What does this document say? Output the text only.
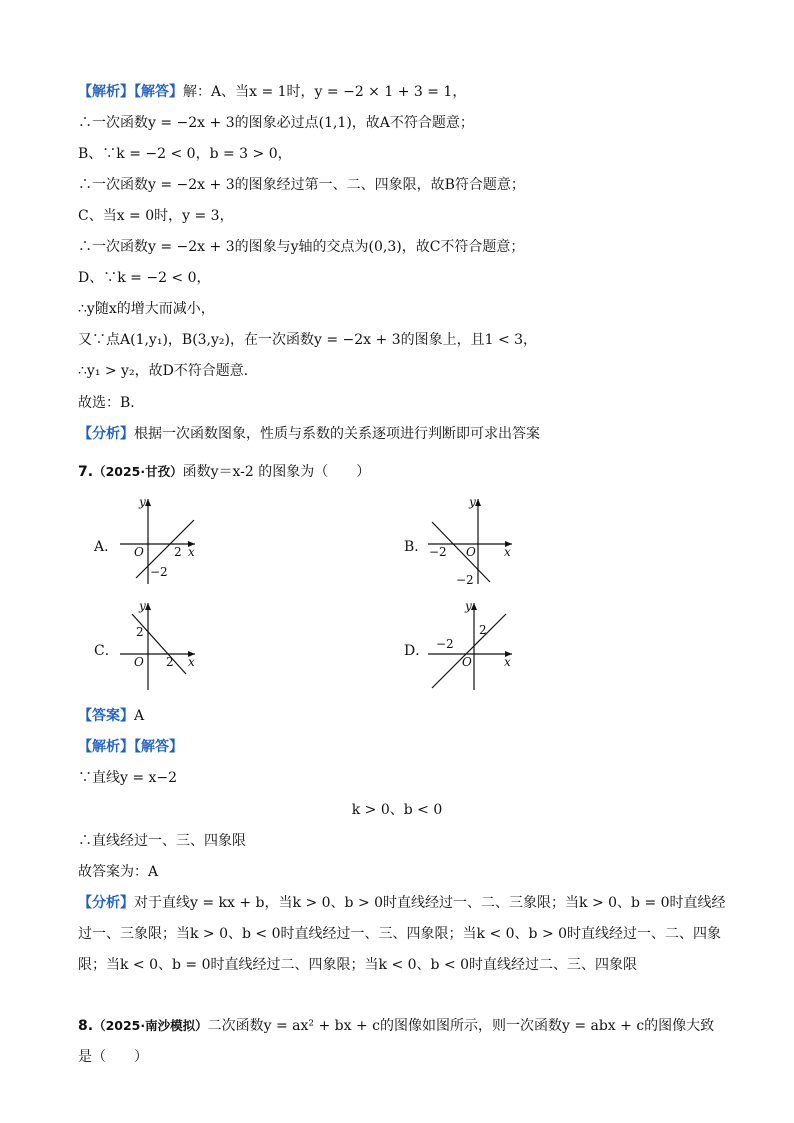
【解析】【解答】解：A、当x = 1时，y = −2 × 1 + 3 = 1，
∴一次函数y = −2x + 3的图象必过点(1,1)，故A不符合题意；
B、∵k = −2 < 0，b = 3 > 0，
∴一次函数y = −2x + 3的图象经过第一、二、四象限，故B符合题意；
C、当x = 0时，y = 3，
∴一次函数y = −2x + 3的图象与y轴的交点为(0,3)，故C不符合题意；
D、∵k = −2 < 0，
∴y随x的增大而减小，
又∵点A(1,y₁)，B(3,y₂)，在一次函数y = −2x + 3的图象上，且1 < 3，
∴y₁ > y₂，故D不符合题意．
故选：B．
【分析】根据一次函数图象，性质与系数的关系逐项进行判断即可求出答案
7.（2025·甘孜）函数y＝x-2 的图象为（　　）
A．
y
x
O	2
−2
B．
y
x
O
−2
−2
C．
y
x
O
2
2
D．
y
x
O
−2
2
【答案】A
【解析】【解答】
∵直线y = x−2
k > 0、b < 0
∴直线经过一、三、四象限
故答案为：A
【分析】对于直线y = kx + b，当k > 0、b > 0时直线经过一、二、三象限；当k > 0、b = 0时直线经过一、三象限；当k > 0、b < 0时直线经过一、三、四象限；当k < 0、b > 0时直线经过一、二、四象限；当k < 0、b = 0时直线经过二、四象限；当k < 0、b < 0时直线经过二、三、四象限
8.（2025·南沙模拟）二次函数y = ax² + bx + c的图像如图所示，则一次函数y = abx + c的图像大致是（　　）
